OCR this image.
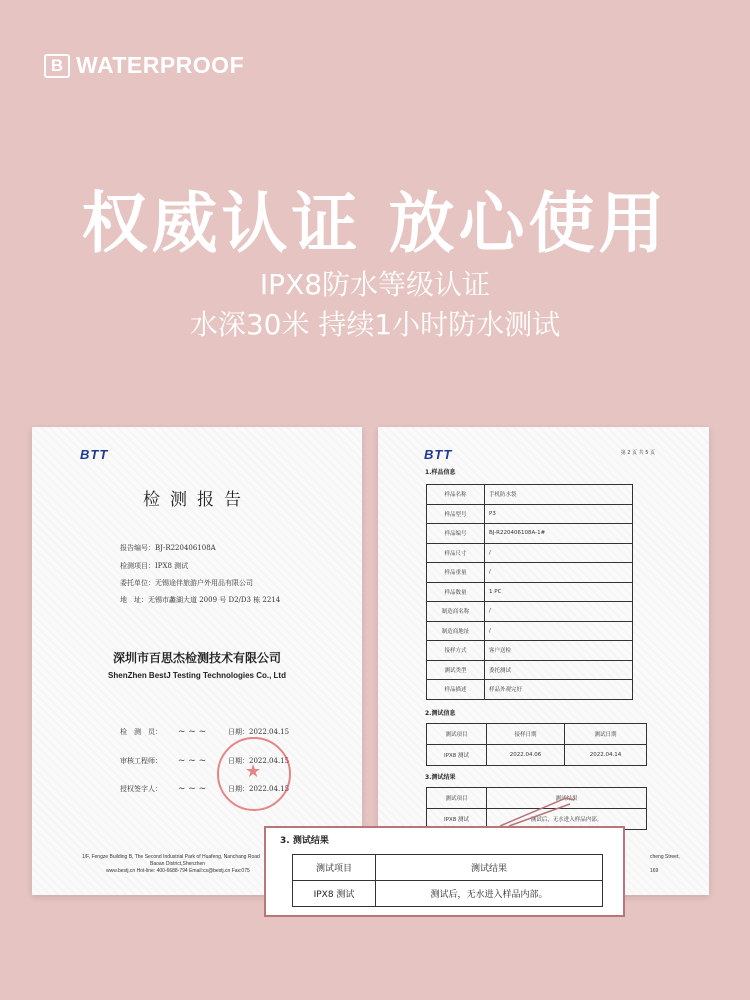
B WATERPROOF
权威认证 放心使用
IPX8防水等级认证
水深30米 持续1小时防水测试
BTT
检测报告
报告编号：BJ-R220406108A
检测项目：IPX8 测试
委托单位：无锡途伴旅游户外用品有限公司
地　址：无锡市蠡湖大道 2009 号 D2/D3 栋 2214
深圳市百思杰检测技术有限公司
ShenZhen BestJ Testing Technologies Co., Ltd
检　测　员：	~ ~ ~	日期：2022.04.15
审核工程师：	~ ~ ~	日期：2022.04.15
授权签字人：	~ ~ ~	日期：2022.04.15
★
1/F, Fengze Building B, The Second Industrial Park of Huafeng, Nanchang Road
Baoan District,Shenzhen
www.bestj.cn Hot-line: 400-6688-794 Email:cs@bestj.cn Fax:075
BTT	第 2 页 共 5 页
1.样品信息
样品名称	手机防水袋
样品型号	P3
样品编号	BJ-R220406108A-1#
样品尺寸	/
样品重量	/
样品数量	1 PC
制造商名称	/
制造商地址	/
接样方式	客户送检
测试类型	委托测试
样品描述	样品外观完好
2.测试信息
测试项目	接样日期	测试日期
IPX8 测试	2022.04.06	2022.04.14
3.测试结果
测试项目	测试结果
IPX8 测试	测试后，无水进入样品内部。
cheng Street,
169
3. 测试结果
测试项目	测试结果
IPX8 测试	测试后，无水进入样品内部。
